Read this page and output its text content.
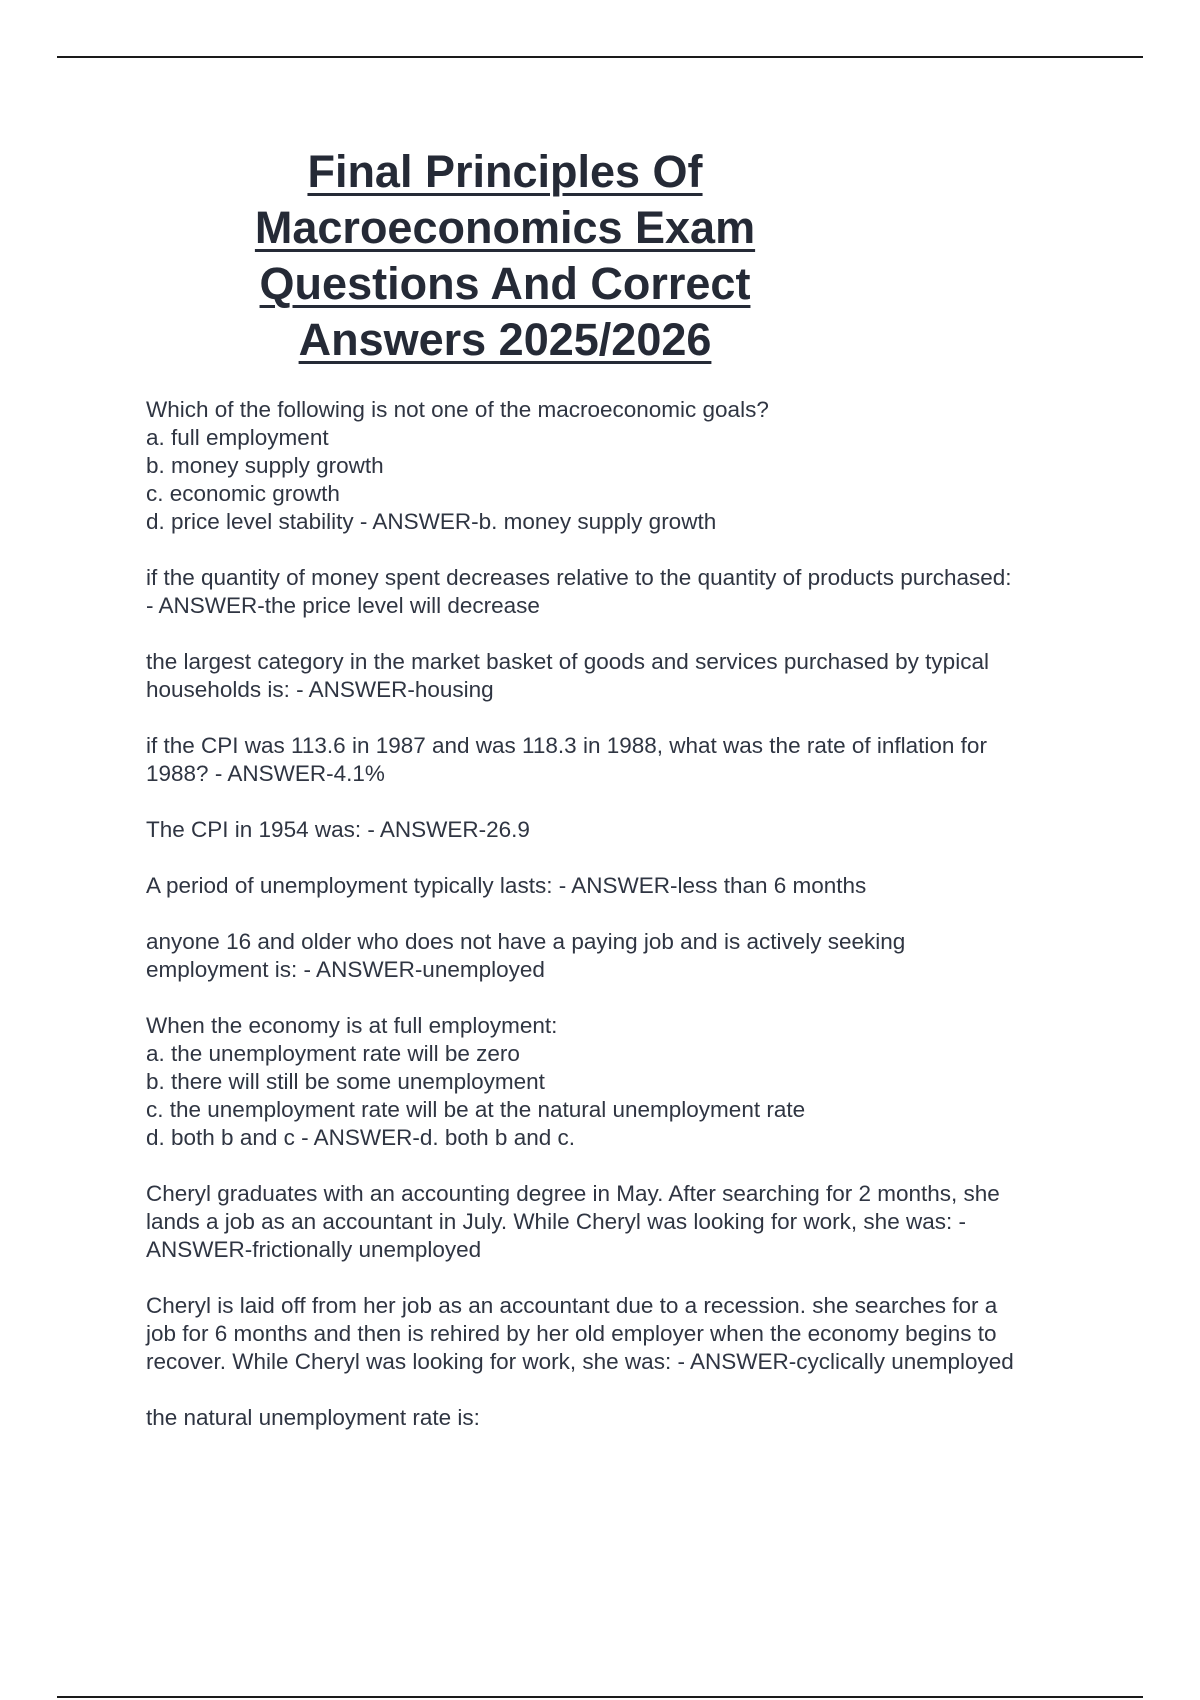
Final Principles Of
Macroeconomics Exam
Questions And Correct
Answers 2025/2026

Which of the following is not one of the macroeconomic goals?
a. full employment
b. money supply growth
c. economic growth
d. price level stability - ANSWER-b. money supply growth

if the quantity of money spent decreases relative to the quantity of products purchased:
- ANSWER-the price level will decrease

the largest category in the market basket of goods and services purchased by typical
households is: - ANSWER-housing

if the CPI was 113.6 in 1987 and was 118.3 in 1988, what was the rate of inflation for
1988? - ANSWER-4.1%

The CPI in 1954 was: - ANSWER-26.9

A period of unemployment typically lasts: - ANSWER-less than 6 months

anyone 16 and older who does not have a paying job and is actively seeking
employment is: - ANSWER-unemployed

When the economy is at full employment:
a. the unemployment rate will be zero
b. there will still be some unemployment
c. the unemployment rate will be at the natural unemployment rate
d. both b and c - ANSWER-d. both b and c.

Cheryl graduates with an accounting degree in May. After searching for 2 months, she
lands a job as an accountant in July. While Cheryl was looking for work, she was: -
ANSWER-frictionally unemployed

Cheryl is laid off from her job as an accountant due to a recession. she searches for a
job for 6 months and then is rehired by her old employer when the economy begins to
recover. While Cheryl was looking for work, she was: - ANSWER-cyclically unemployed

the natural unemployment rate is:
